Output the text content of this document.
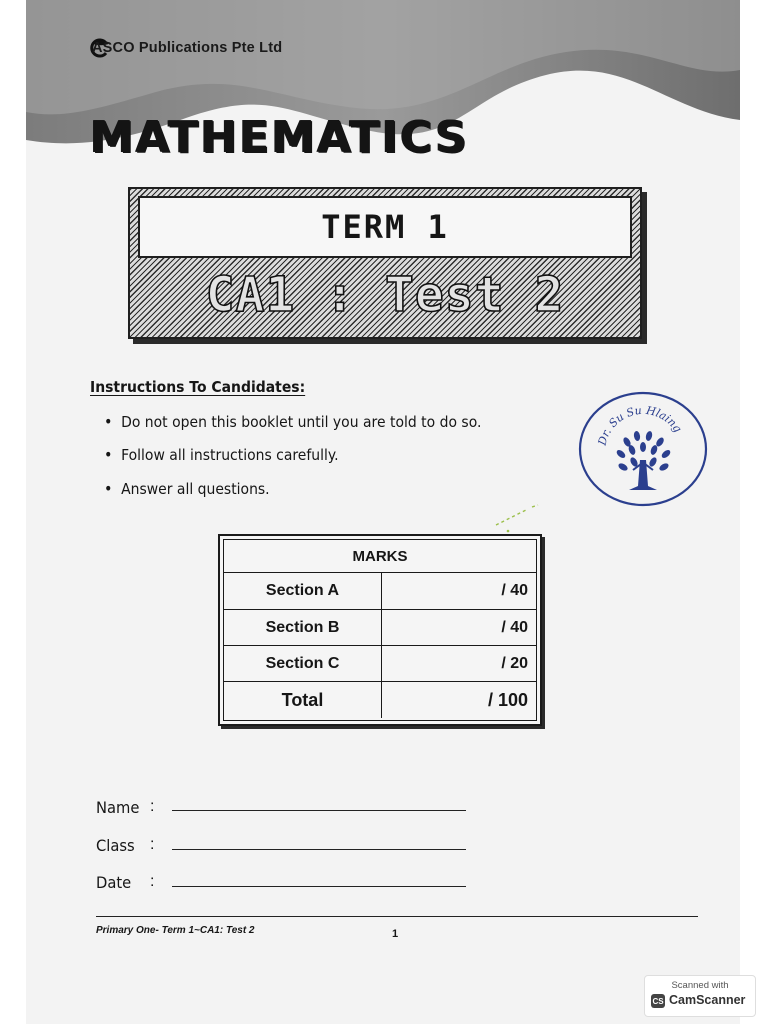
ASCO Publications Pte Ltd
MATHEMATICS
TERM 1
CA1 : Test 2
Instructions To Candidates:
• Do not open this booklet until you are told to do so.
• Follow all instructions carefully.
• Answer all questions.
Dr. Su Su Hlaing
MARKS
Section A	/ 40
Section B	/ 40
Section C	/ 20
Total	/ 100
Name :
Class :
Date :
Primary One- Term 1~CA1: Test 2	1
Scanned with
CS CamScanner
